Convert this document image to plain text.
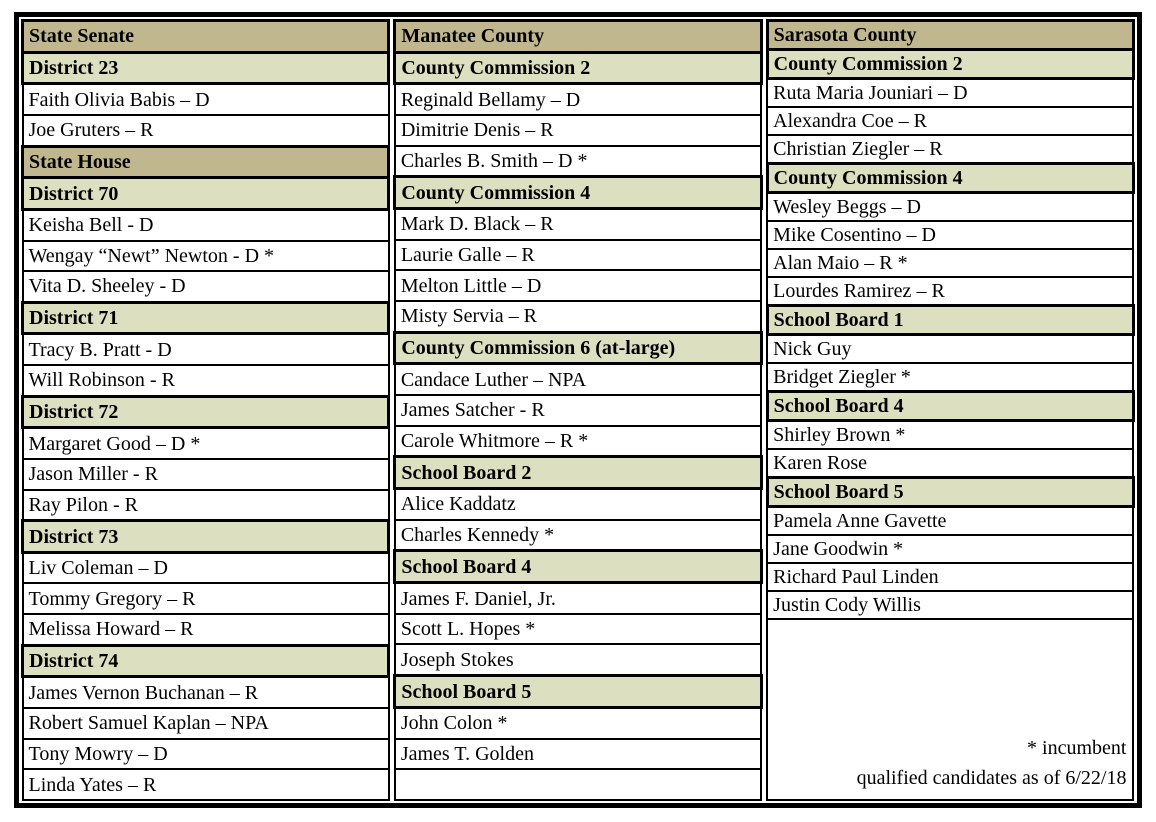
State Senate
District 23
Faith Olivia Babis – D
Joe Gruters – R
State House
District 70
Keisha Bell - D
Wengay “Newt” Newton - D *
Vita D. Sheeley - D
District 71
Tracy B. Pratt - D
Will Robinson - R
District 72
Margaret Good – D *
Jason Miller - R
Ray Pilon - R
District 73
Liv Coleman – D
Tommy Gregory – R
Melissa Howard – R
District 74
James Vernon Buchanan – R
Robert Samuel Kaplan – NPA
Tony Mowry – D
Linda Yates – R
Manatee County
County Commission 2
Reginald Bellamy – D
Dimitrie Denis – R
Charles B. Smith – D *
County Commission 4
Mark D. Black – R
Laurie Galle – R
Melton Little – D
Misty Servia – R
County Commission 6 (at-large)
Candace Luther – NPA
James Satcher - R
Carole Whitmore – R *
School Board 2
Alice Kaddatz
Charles Kennedy *
School Board 4
James F. Daniel, Jr.
Scott L. Hopes *
Joseph Stokes
School Board 5
John Colon *
James T. Golden

Sarasota County
County Commission 2
Ruta Maria Jouniari – D
Alexandra Coe – R
Christian Ziegler – R
County Commission 4
Wesley Beggs – D
Mike Cosentino – D
Alan Maio – R *
Lourdes Ramirez – R
School Board 1
Nick Guy
Bridget Ziegler *
School Board 4
Shirley Brown *
Karen Rose
School Board 5
Pamela Anne Gavette
Jane Goodwin *
Richard Paul Linden
Justin Cody Willis

* incumbent
qualified candidates as of 6/22/18
